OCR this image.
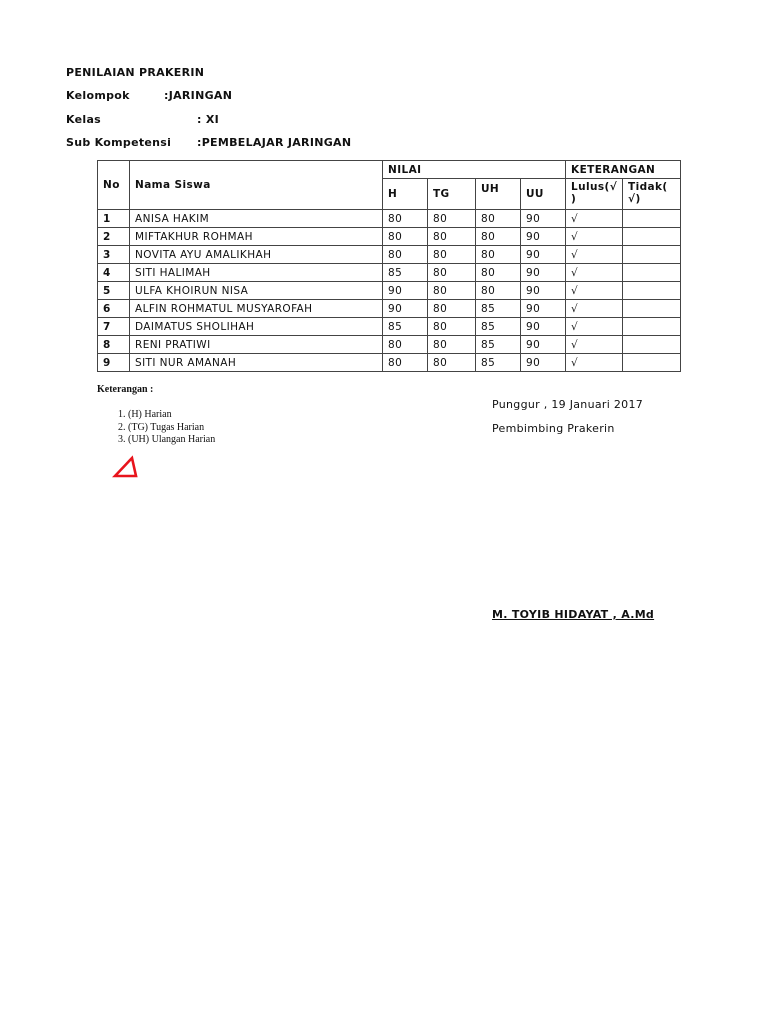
PENILAIAN PRAKERIN
Kelompok	:JARINGAN
Kelas	: XI
Sub Kompetensi :PEMBELAJAR JARINGAN
No	Nama Siswa	NILAI				KETERANGAN	
		H	TG	UH	UU	Lulus(√ )	Tidak( √)
1	ANISA HAKIM	80	80	80	90	√	
2	MIFTAKHUR ROHMAH	80	80	80	90	√	
3	NOVITA AYU AMALIKHAH	80	80	80	90	√	
4	SITI HALIMAH	85	80	80	90	√	
5	ULFA KHOIRUN NISA	90	80	80	90	√	
6	ALFIN ROHMATUL MUSYAROFAH	90	80	85	90	√	
7	DAIMATUS SHOLIHAH	85	80	85	90	√	
8	RENI PRATIWI	80	80	85	90	√	
9	SITI NUR AMANAH	80	80	85	90	√	
Keterangan :
1. (H) Harian
2. (TG) Tugas Harian
3. (UH) Ulangan Harian
Punggur , 19 Januari 2017
Pembimbing Prakerin
M. TOYIB HIDAYAT , A.Md
